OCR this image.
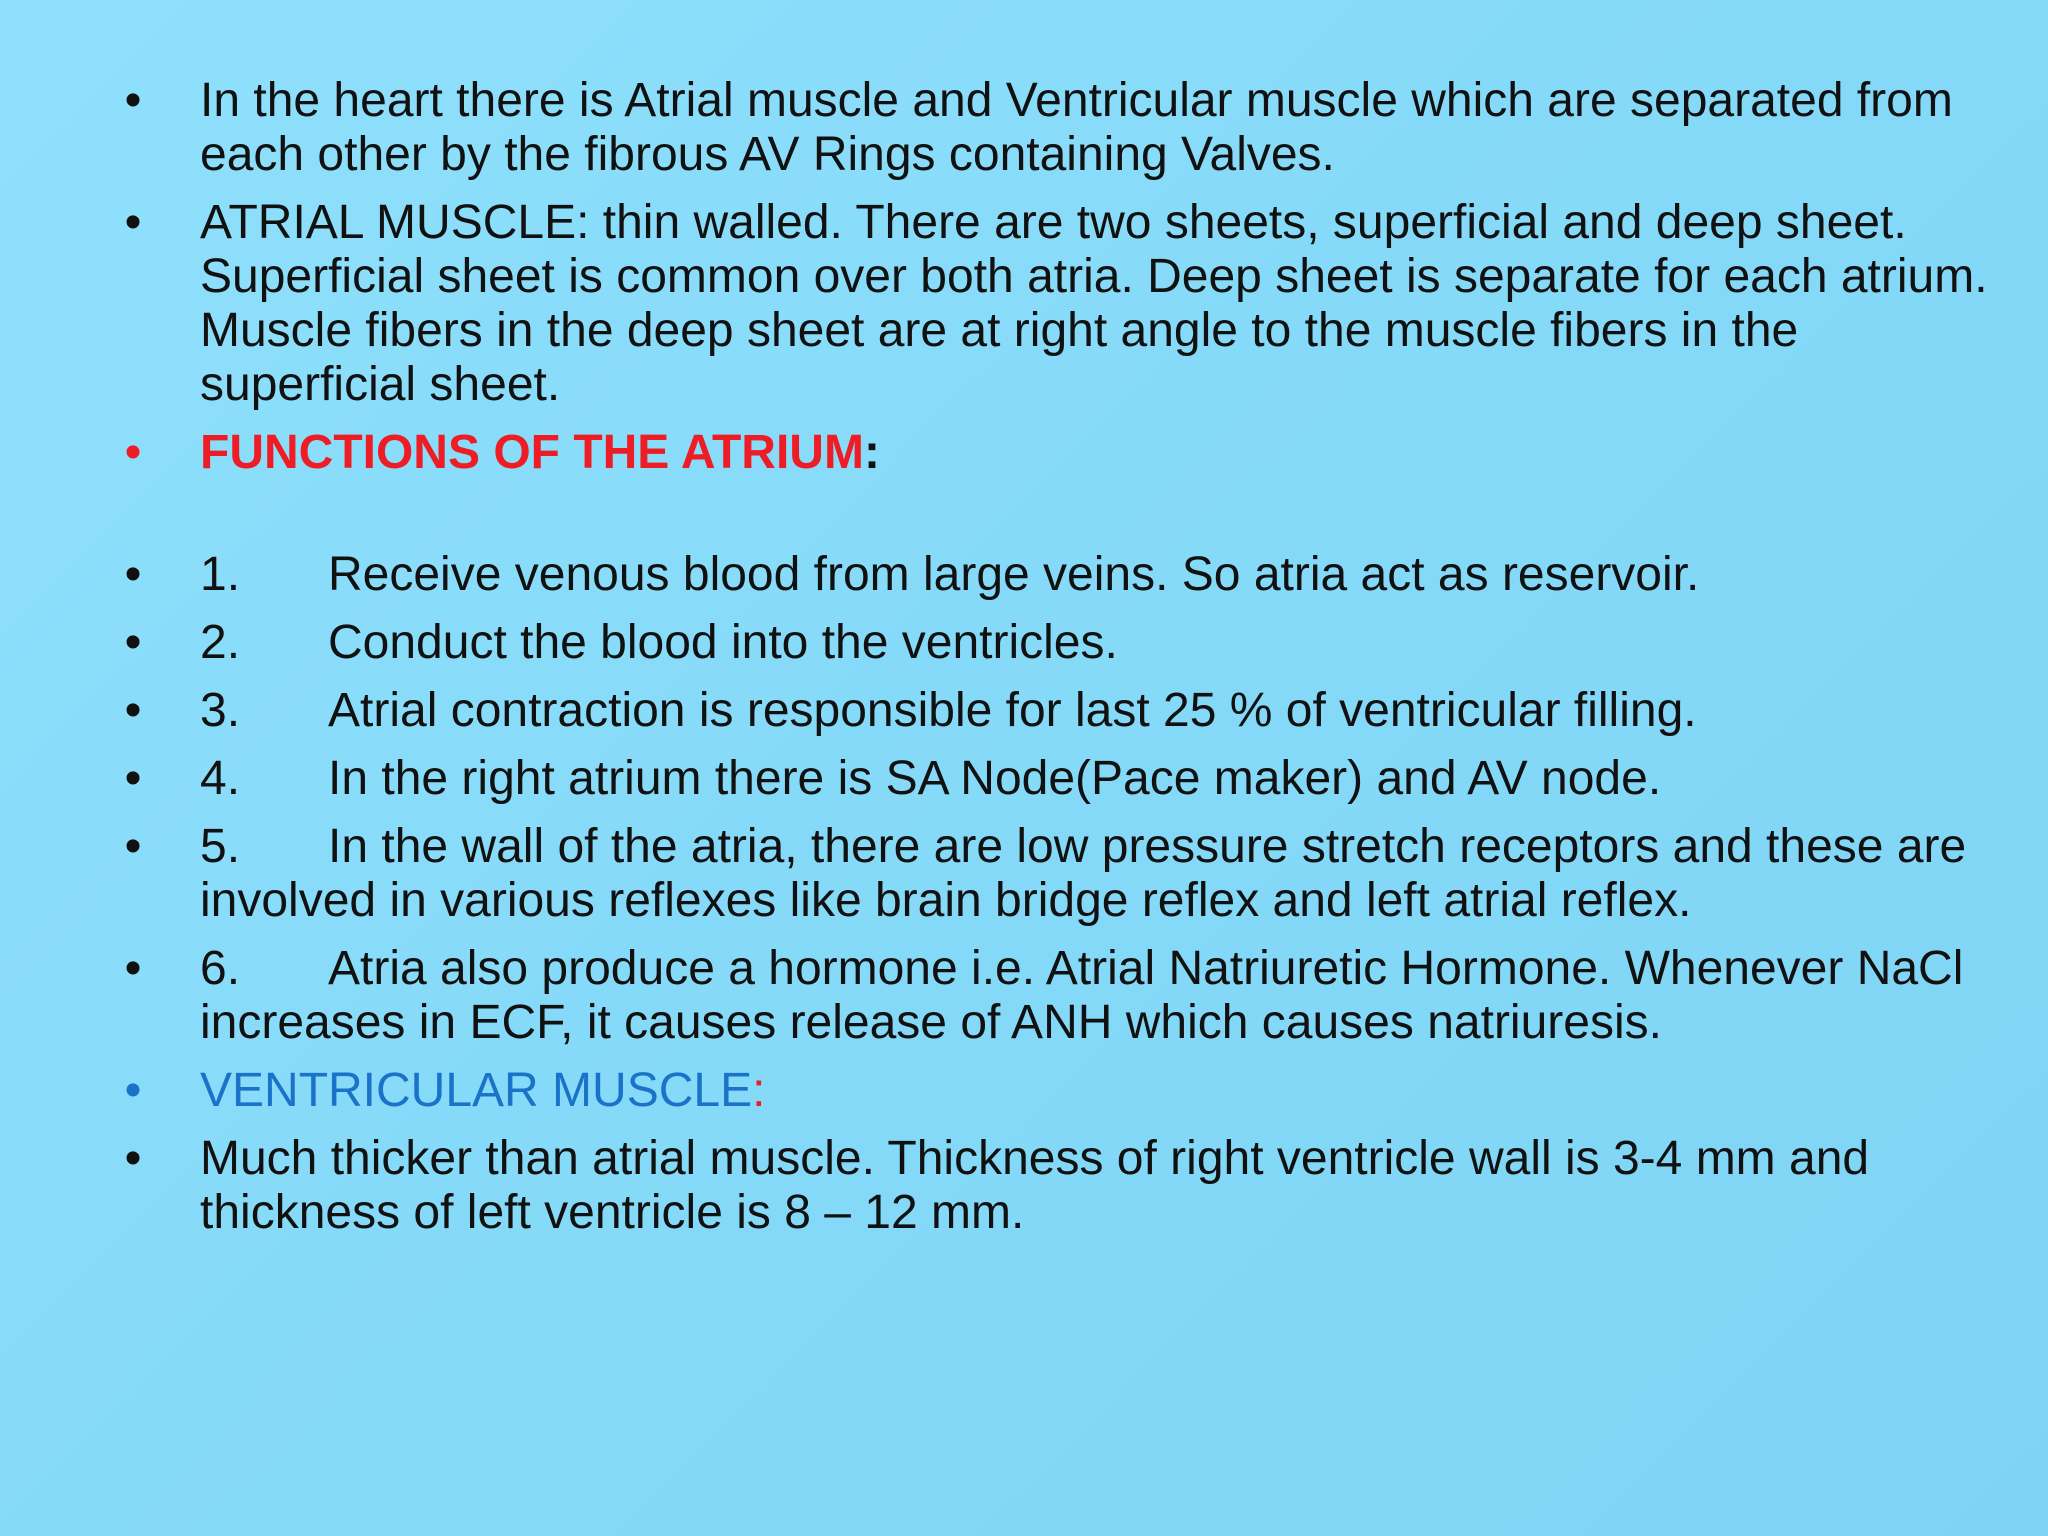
• In the heart there is Atrial muscle and Ventricular muscle which are separated from each other by the fibrous AV Rings containing Valves.
• ATRIAL MUSCLE: thin walled. There are two sheets, superficial and deep sheet. Superficial sheet is common over both atria. Deep sheet is separate for each atrium. Muscle fibers in the deep sheet are at right angle to the muscle fibers in the superficial sheet.
• FUNCTIONS OF THE ATRIUM:
• 1. Receive venous blood from large veins. So atria act as reservoir.
• 2. Conduct the blood into the ventricles.
• 3. Atrial contraction is responsible for last 25 % of ventricular filling.
• 4. In the right atrium there is SA Node(Pace maker) and AV node.
• 5. In the wall of the atria, there are low pressure stretch receptors and these are involved in various reflexes like brain bridge reflex and left atrial reflex.
• 6. Atria also produce a hormone i.e. Atrial Natriuretic Hormone. Whenever NaCl increases in ECF, it causes release of ANH which causes natriuresis.
• VENTRICULAR MUSCLE:
• Much thicker than atrial muscle. Thickness of right ventricle wall is 3-4 mm and thickness of left ventricle is 8 – 12 mm.
